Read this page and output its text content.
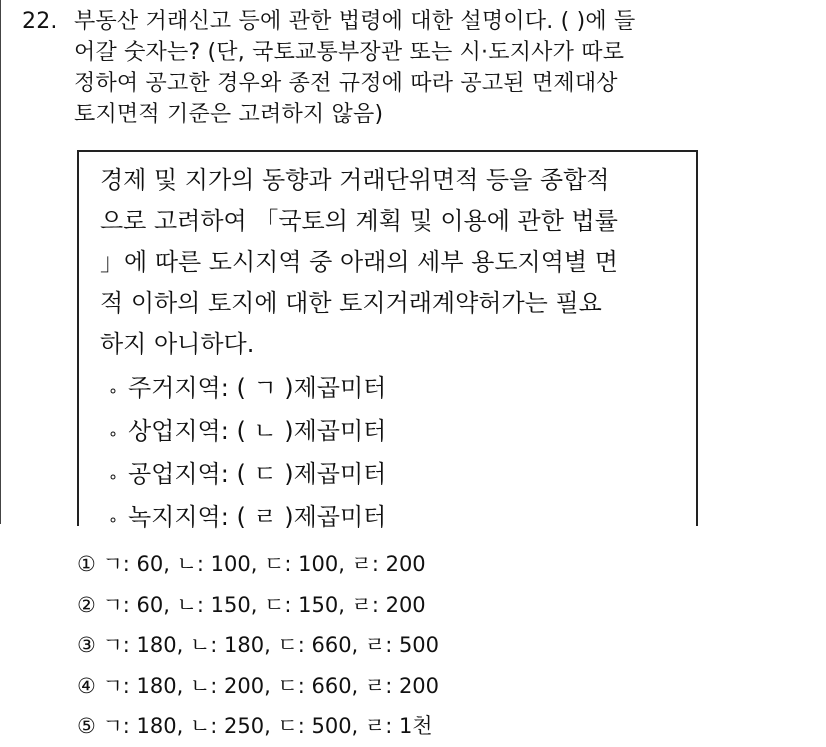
22. 부동산 거래신고 등에 관한 법령에 대한 설명이다. ( )에 들
어갈 숫자는? (단, 국토교통부장관 또는 시·도지사가 따로
정하여 공고한 경우와 종전 규정에 따라 공고된 면제대상
토지면적 기준은 고려하지 않음)
경제 및 지가의 동향과 거래단위면적 등을 종합적
으로 고려하여 「국토의 계획 및 이용에 관한 법률
」에 따른 도시지역 중 아래의 세부 용도지역별 면
적 이하의 토지에 대한 토지거래계약허가는 필요
하지 아니하다.
∘ 주거지역: ( ㄱ )제곱미터
∘ 상업지역: ( ㄴ )제곱미터
∘ 공업지역: ( ㄷ )제곱미터
∘ 녹지지역: ( ㄹ )제곱미터
① ㄱ: 60, ㄴ: 100, ㄷ: 100, ㄹ: 200
② ㄱ: 60, ㄴ: 150, ㄷ: 150, ㄹ: 200
③ ㄱ: 180, ㄴ: 180, ㄷ: 660, ㄹ: 500
④ ㄱ: 180, ㄴ: 200, ㄷ: 660, ㄹ: 200
⑤ ㄱ: 180, ㄴ: 250, ㄷ: 500, ㄹ: 1천
